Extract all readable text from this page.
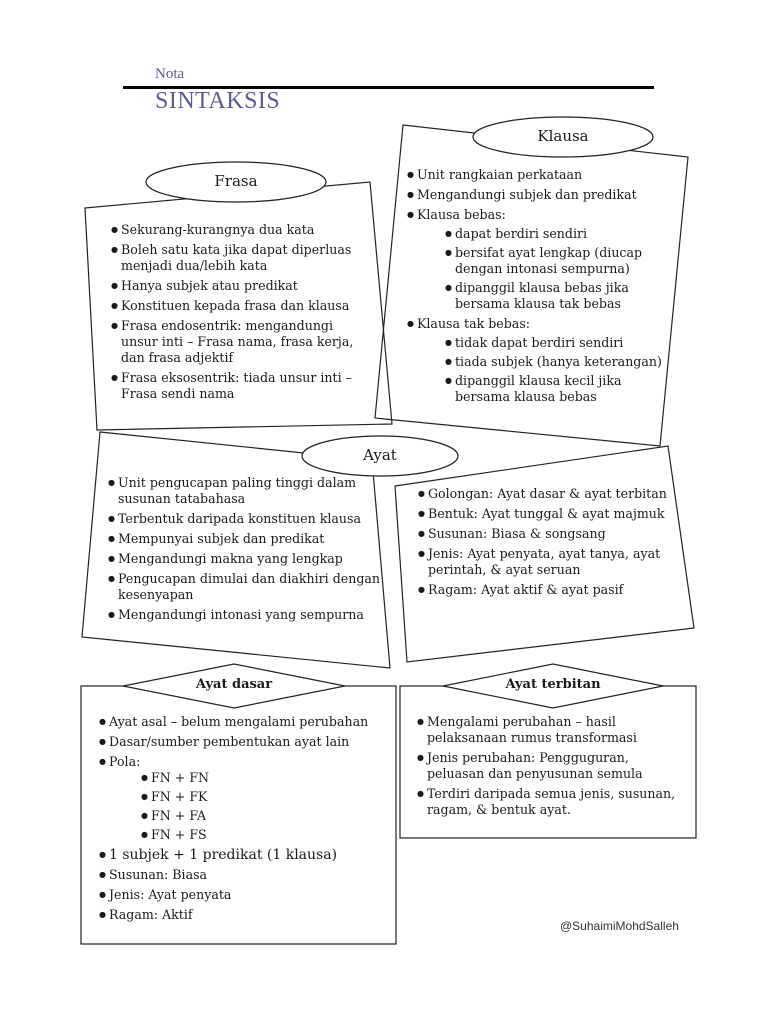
Nota
SINTAKSIS
Frasa
Klausa
Ayat
Ayat dasar	Ayat terbitan
● Sekurang-kurangnya dua kata
● Boleh satu kata jika dapat diperluas menjadi dua/lebih kata
● Hanya subjek atau predikat
● Konstituen kepada frasa dan klausa
● Frasa endosentrik: mengandungi unsur inti – Frasa nama, frasa kerja, dan frasa adjektif
● Frasa eksosentrik: tiada unsur inti – Frasa sendi nama
● Unit rangkaian perkataan
● Mengandungi subjek dan predikat
● Klausa bebas:
● dapat berdiri sendiri
● bersifat ayat lengkap (diucap dengan intonasi sempurna)
● dipanggil klausa bebas jika bersama klausa tak bebas
● Klausa tak bebas:
● tidak dapat berdiri sendiri
● tiada subjek (hanya keterangan)
● dipanggil klausa kecil jika bersama klausa bebas
● Unit pengucapan paling tinggi dalam susunan tatabahasa
● Terbentuk daripada konstituen klausa
● Mempunyai subjek dan predikat
● Mengandungi makna yang lengkap
● Pengucapan dimulai dan diakhiri dengan kesenyapan
● Mengandungi intonasi yang sempurna
● Golongan: Ayat dasar & ayat terbitan
● Bentuk: Ayat tunggal & ayat majmuk
● Susunan: Biasa & songsang
● Jenis: Ayat penyata, ayat tanya, ayat perintah, & ayat seruan
● Ragam: Ayat aktif & ayat pasif
● Ayat asal – belum mengalami perubahan
● Dasar/sumber pembentukan ayat lain
● Pola:
● FN + FN
● FN + FK
● FN + FA
● FN + FS
● 1 subjek + 1 predikat (1 klausa)
● Susunan: Biasa
● Jenis: Ayat penyata
● Ragam: Aktif
● Mengalami perubahan – hasil pelaksanaan rumus transformasi
● Jenis perubahan: Pengguguran, peluasan dan penyusunan semula
● Terdiri daripada semua jenis, susunan, ragam, & bentuk ayat.
@SuhaimiMohdSalleh
